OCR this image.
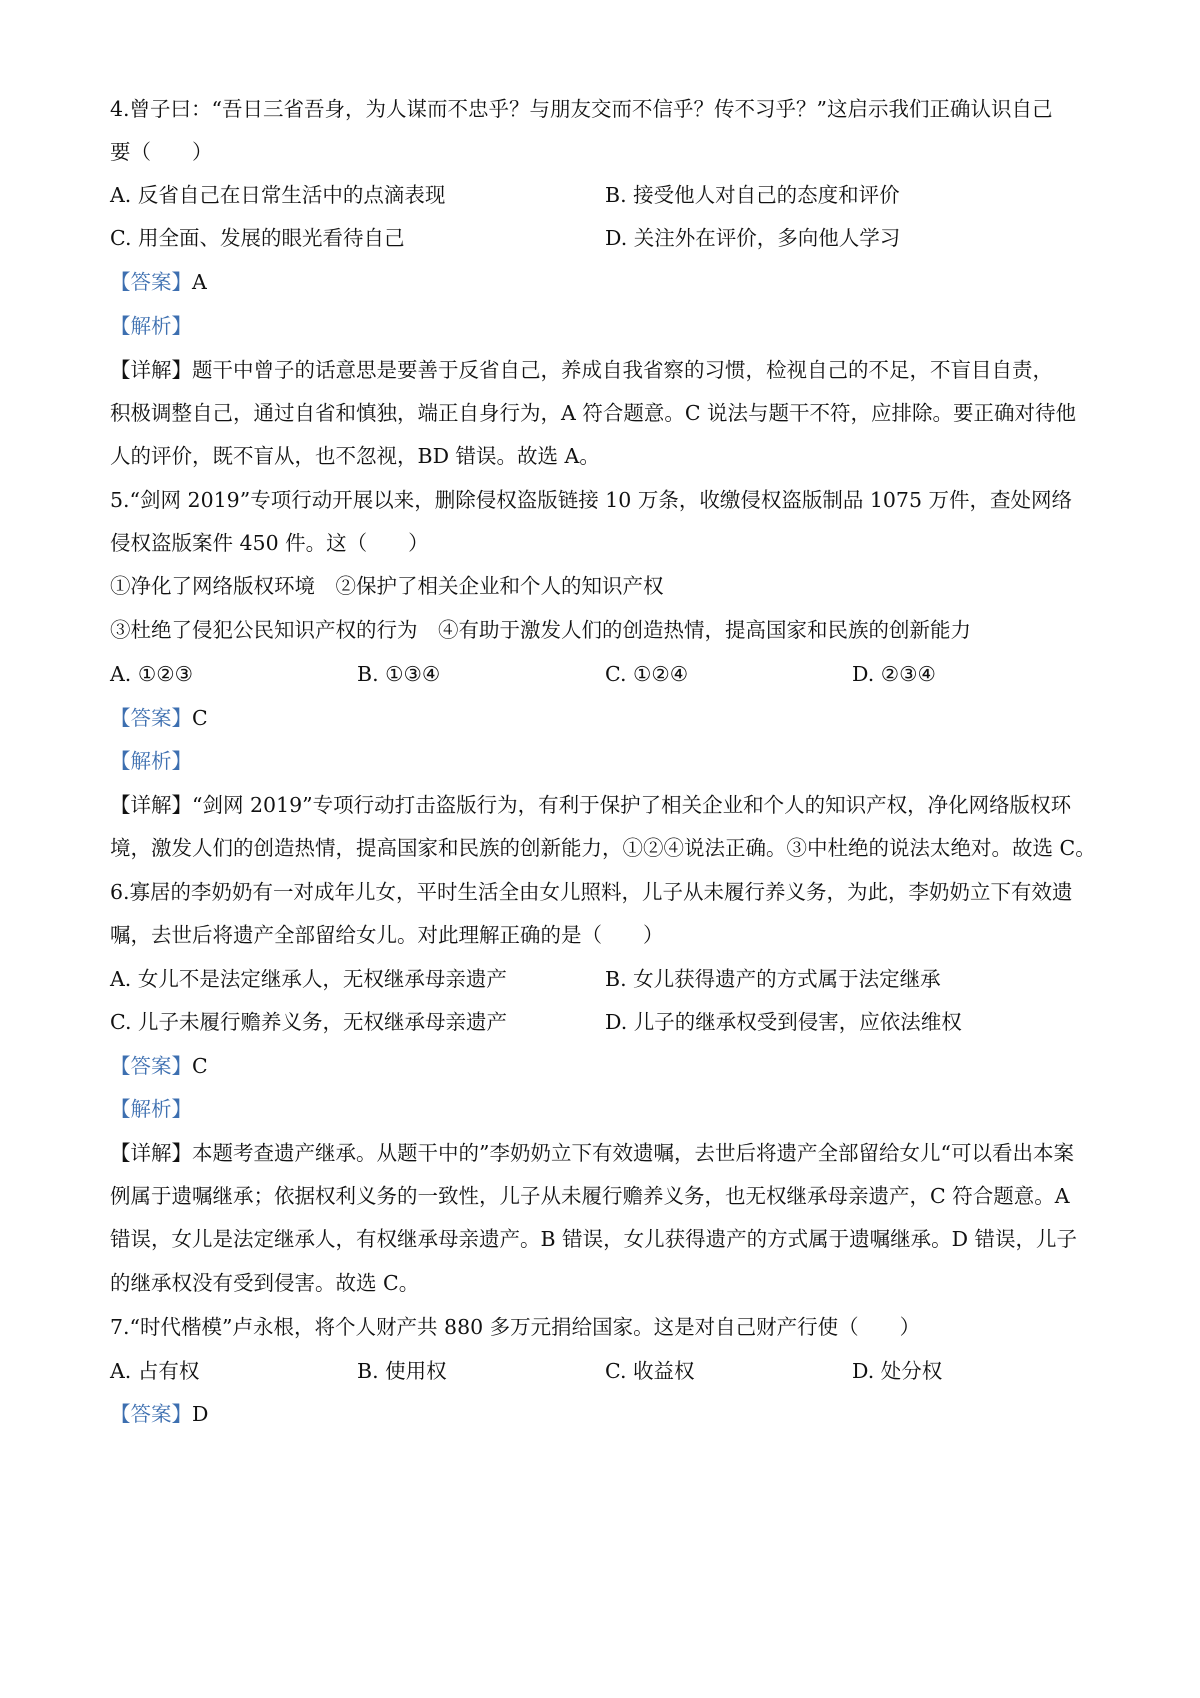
4.曾子曰：“吾日三省吾身，为人谋而不忠乎？与朋友交而不信乎？传不习乎？”这启示我们正确认识自己
要（　　）
A. 反省自己在日常生活中的点滴表现	B. 接受他人对自己的态度和评价
C. 用全面、发展的眼光看待自己	D. 关注外在评价，多向他人学习
【答案】A
【解析】
【详解】题干中曾子的话意思是要善于反省自己，养成自我省察的习惯，检视自己的不足，不盲目自责，
积极调整自己，通过自省和慎独，端正自身行为，A 符合题意。C 说法与题干不符，应排除。要正确对待他
人的评价，既不盲从，也不忽视，BD 错误。故选 A。
5.“剑网 2019”专项行动开展以来，删除侵权盗版链接 10 万条，收缴侵权盗版制品 1075 万件，查处网络
侵权盗版案件 450 件。这（　　）
①净化了网络版权环境　②保护了相关企业和个人的知识产权
③杜绝了侵犯公民知识产权的行为　④有助于激发人们的创造热情，提高国家和民族的创新能力
A. ①②③	B. ①③④	C. ①②④	D. ②③④
【答案】C
【解析】
【详解】“剑网 2019”专项行动打击盗版行为，有利于保护了相关企业和个人的知识产权，净化网络版权环
境，激发人们的创造热情，提高国家和民族的创新能力，①②④说法正确。③中杜绝的说法太绝对。故选 C。
6.寡居的李奶奶有一对成年儿女，平时生活全由女儿照料，儿子从未履行养义务，为此，李奶奶立下有效遗
嘱，去世后将遗产全部留给女儿。对此理解正确的是（　　）
A. 女儿不是法定继承人，无权继承母亲遗产	B. 女儿获得遗产的方式属于法定继承
C. 儿子未履行赡养义务，无权继承母亲遗产	D. 儿子的继承权受到侵害，应依法维权
【答案】C
【解析】
【详解】本题考查遗产继承。从题干中的”李奶奶立下有效遗嘱，去世后将遗产全部留给女儿“可以看出本案
例属于遗嘱继承；依据权利义务的一致性，儿子从未履行赡养义务，也无权继承母亲遗产，C 符合题意。A
错误，女儿是法定继承人，有权继承母亲遗产。B 错误，女儿获得遗产的方式属于遗嘱继承。D 错误，儿子
的继承权没有受到侵害。故选 C。
7.“时代楷模”卢永根，将个人财产共 880 多万元捐给国家。这是对自己财产行使（　　）
A. 占有权	B. 使用权	C. 收益权	D. 处分权
【答案】D
